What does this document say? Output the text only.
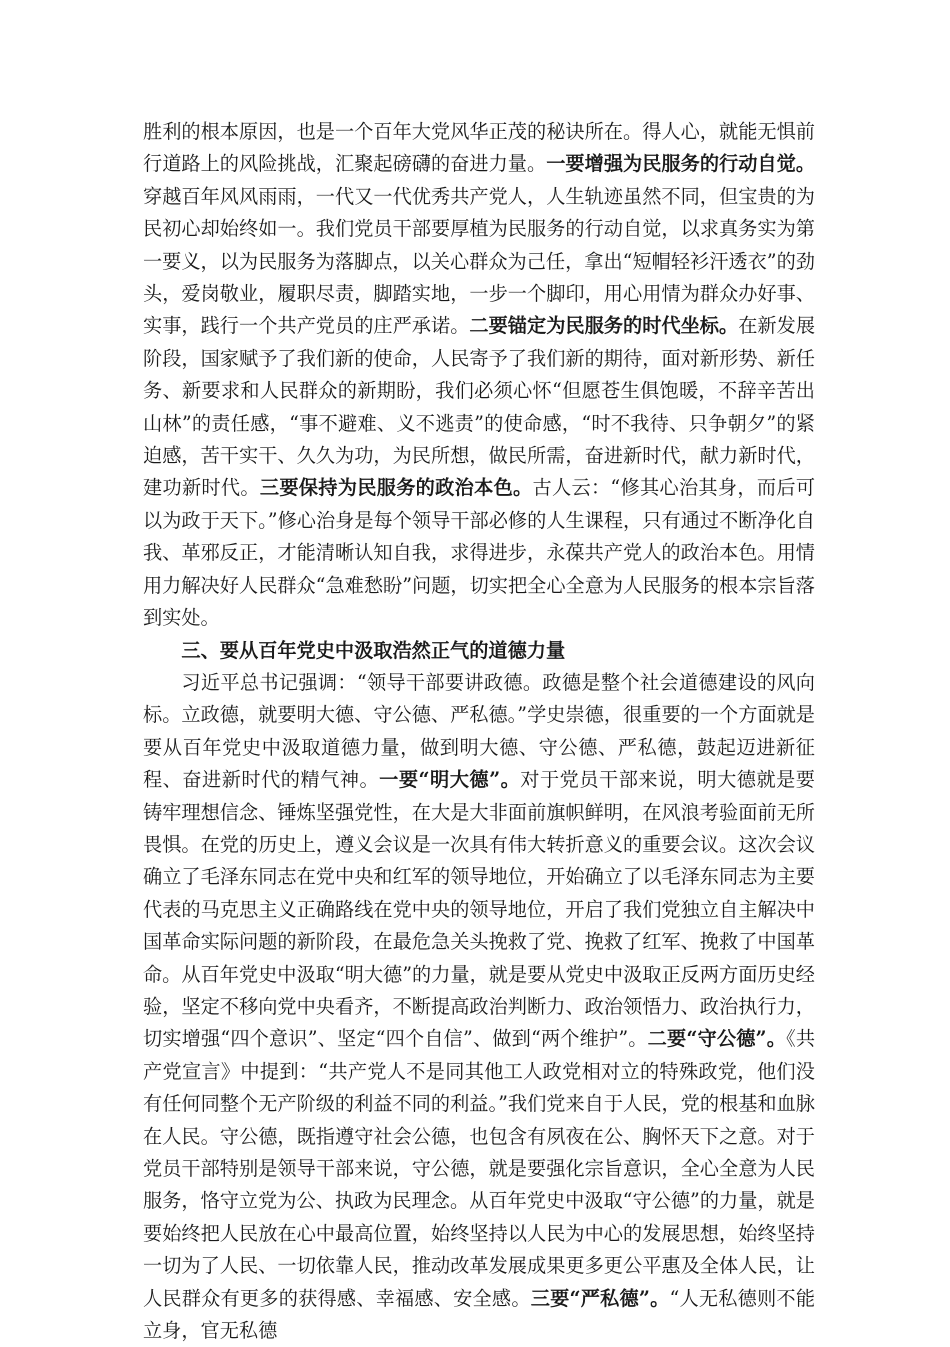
胜利的根本原因，也是一个百年大党风华正茂的秘诀所在。得人心，就能无惧前行道路上的风险挑战，汇聚起磅礴的奋进力量。一要增强为民服务的行动自觉。穿越百年风风雨雨，一代又一代优秀共产党人，人生轨迹虽然不同，但宝贵的为民初心却始终如一。我们党员干部要厚植为民服务的行动自觉，以求真务实为第一要义，以为民服务为落脚点，以关心群众为己任，拿出“短帽轻衫汗透衣”的劲头，爱岗敬业，履职尽责，脚踏实地，一步一个脚印，用心用情为群众办好事、实事，践行一个共产党员的庄严承诺。二要锚定为民服务的时代坐标。在新发展阶段，国家赋予了我们新的使命，人民寄予了我们新的期待，面对新形势、新任务、新要求和人民群众的新期盼，我们必须心怀“但愿苍生俱饱暖，不辞辛苦出山林”的责任感，“事不避难、义不逃责”的使命感，“时不我待、只争朝夕”的紧迫感，苦干实干、久久为功，为民所想，做民所需，奋进新时代，献力新时代，建功新时代。三要保持为民服务的政治本色。古人云：“修其心治其身，而后可以为政于天下。”修心治身是每个领导干部必修的人生课程，只有通过不断净化自我、革邪反正，才能清晰认知自我，求得进步，永葆共产党人的政治本色。用情用力解决好人民群众“急难愁盼”问题，切实把全心全意为人民服务的根本宗旨落到实处。

三、要从百年党史中汲取浩然正气的道德力量

习近平总书记强调：“领导干部要讲政德。政德是整个社会道德建设的风向标。立政德，就要明大德、守公德、严私德。”学史崇德，很重要的一个方面就是要从百年党史中汲取道德力量，做到明大德、守公德、严私德，鼓起迈进新征程、奋进新时代的精气神。一要“明大德”。对于党员干部来说，明大德就是要铸牢理想信念、锤炼坚强党性，在大是大非面前旗帜鲜明，在风浪考验面前无所畏惧。在党的历史上，遵义会议是一次具有伟大转折意义的重要会议。这次会议确立了毛泽东同志在党中央和红军的领导地位，开始确立了以毛泽东同志为主要代表的马克思主义正确路线在党中央的领导地位，开启了我们党独立自主解决中国革命实际问题的新阶段，在最危急关头挽救了党、挽救了红军、挽救了中国革命。从百年党史中汲取“明大德”的力量，就是要从党史中汲取正反两方面历史经验，坚定不移向党中央看齐，不断提高政治判断力、政治领悟力、政治执行力，切实增强“四个意识”、坚定“四个自信”、做到“两个维护”。二要“守公德”。《共产党宣言》中提到：“共产党人不是同其他工人政党相对立的特殊政党，他们没有任何同整个无产阶级的利益不同的利益。”我们党来自于人民，党的根基和血脉在人民。守公德，既指遵守社会公德，也包含有夙夜在公、胸怀天下之意。对于党员干部特别是领导干部来说，守公德，就是要强化宗旨意识，全心全意为人民服务，恪守立党为公、执政为民理念。从百年党史中汲取“守公德”的力量，就是要始终把人民放在心中最高位置，始终坚持以人民为中心的发展思想，始终坚持一切为了人民、一切依靠人民，推动改革发展成果更多更公平惠及全体人民，让人民群众有更多的获得感、幸福感、安全感。三要“严私德”。“人无私德则不能立身，官无私德
